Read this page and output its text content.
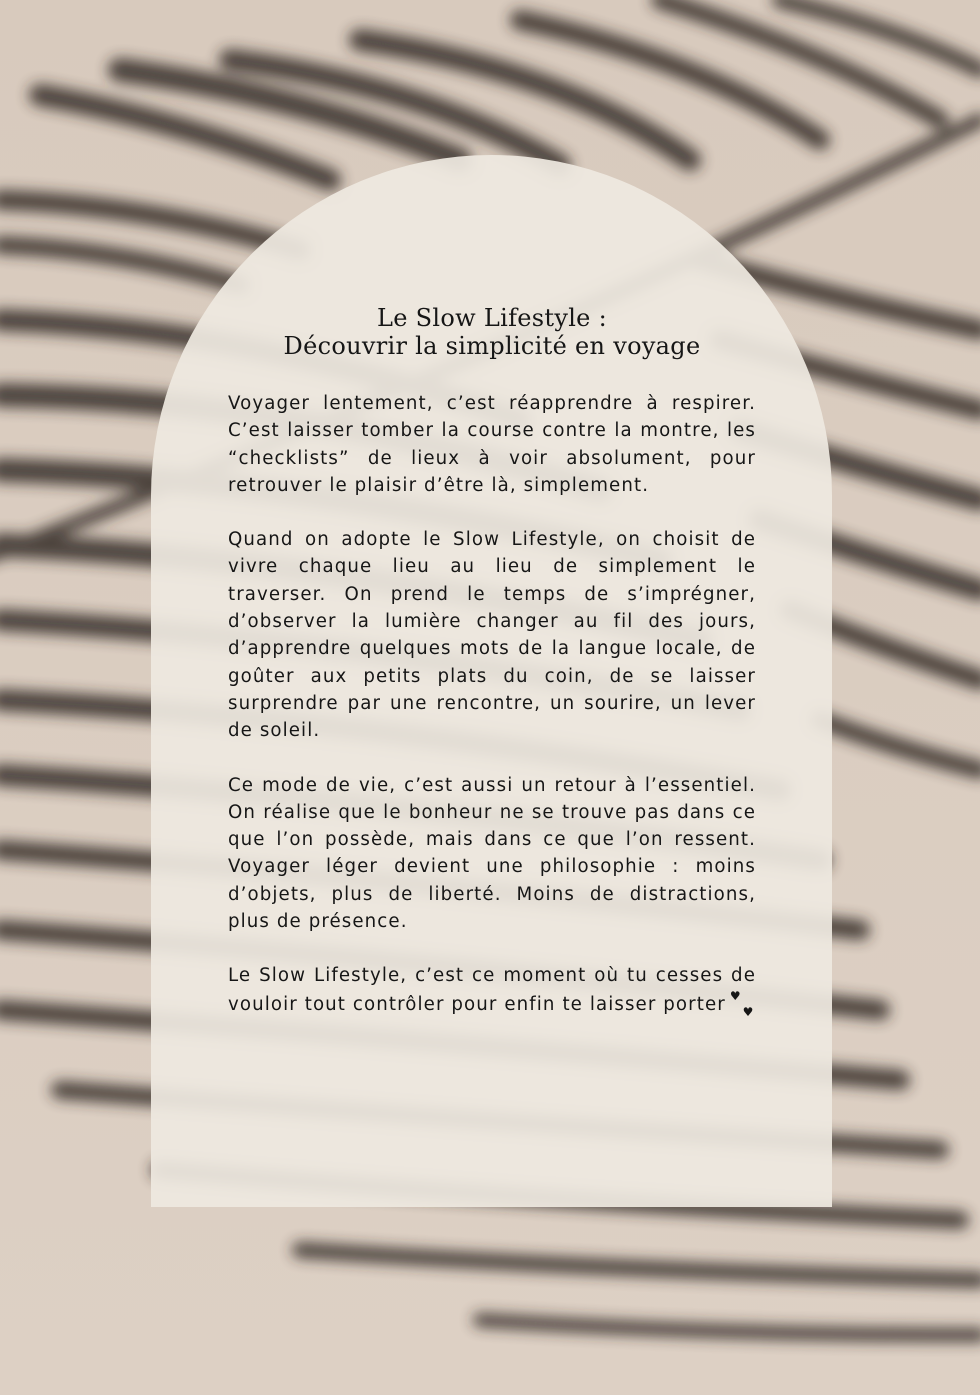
Le Slow Lifestyle :
Découvrir la simplicité en voyage

Voyager lentement, c’est réapprendre à respirer. C’est laisser tomber la course contre la montre, les “checklists” de lieux à voir absolument, pour retrouver le plaisir d’être là, simplement.

Quand on adopte le Slow Lifestyle, on choisit de vivre chaque lieu au lieu de simplement le traverser. On prend le temps de s’imprégner, d’observer la lumière changer au fil des jours, d’apprendre quelques mots de la langue locale, de goûter aux petits plats du coin, de se laisser surprendre par une rencontre, un sourire, un lever de soleil.

Ce mode de vie, c’est aussi un retour à l’essentiel. On réalise que le bonheur ne se trouve pas dans ce que l’on possède, mais dans ce que l’on ressent. Voyager léger devient une philosophie : moins d’objets, plus de liberté. Moins de distractions, plus de présence.

Le Slow Lifestyle, c’est ce moment où tu cesses de vouloir tout contrôler pour enfin te laisser porter ♥♥
